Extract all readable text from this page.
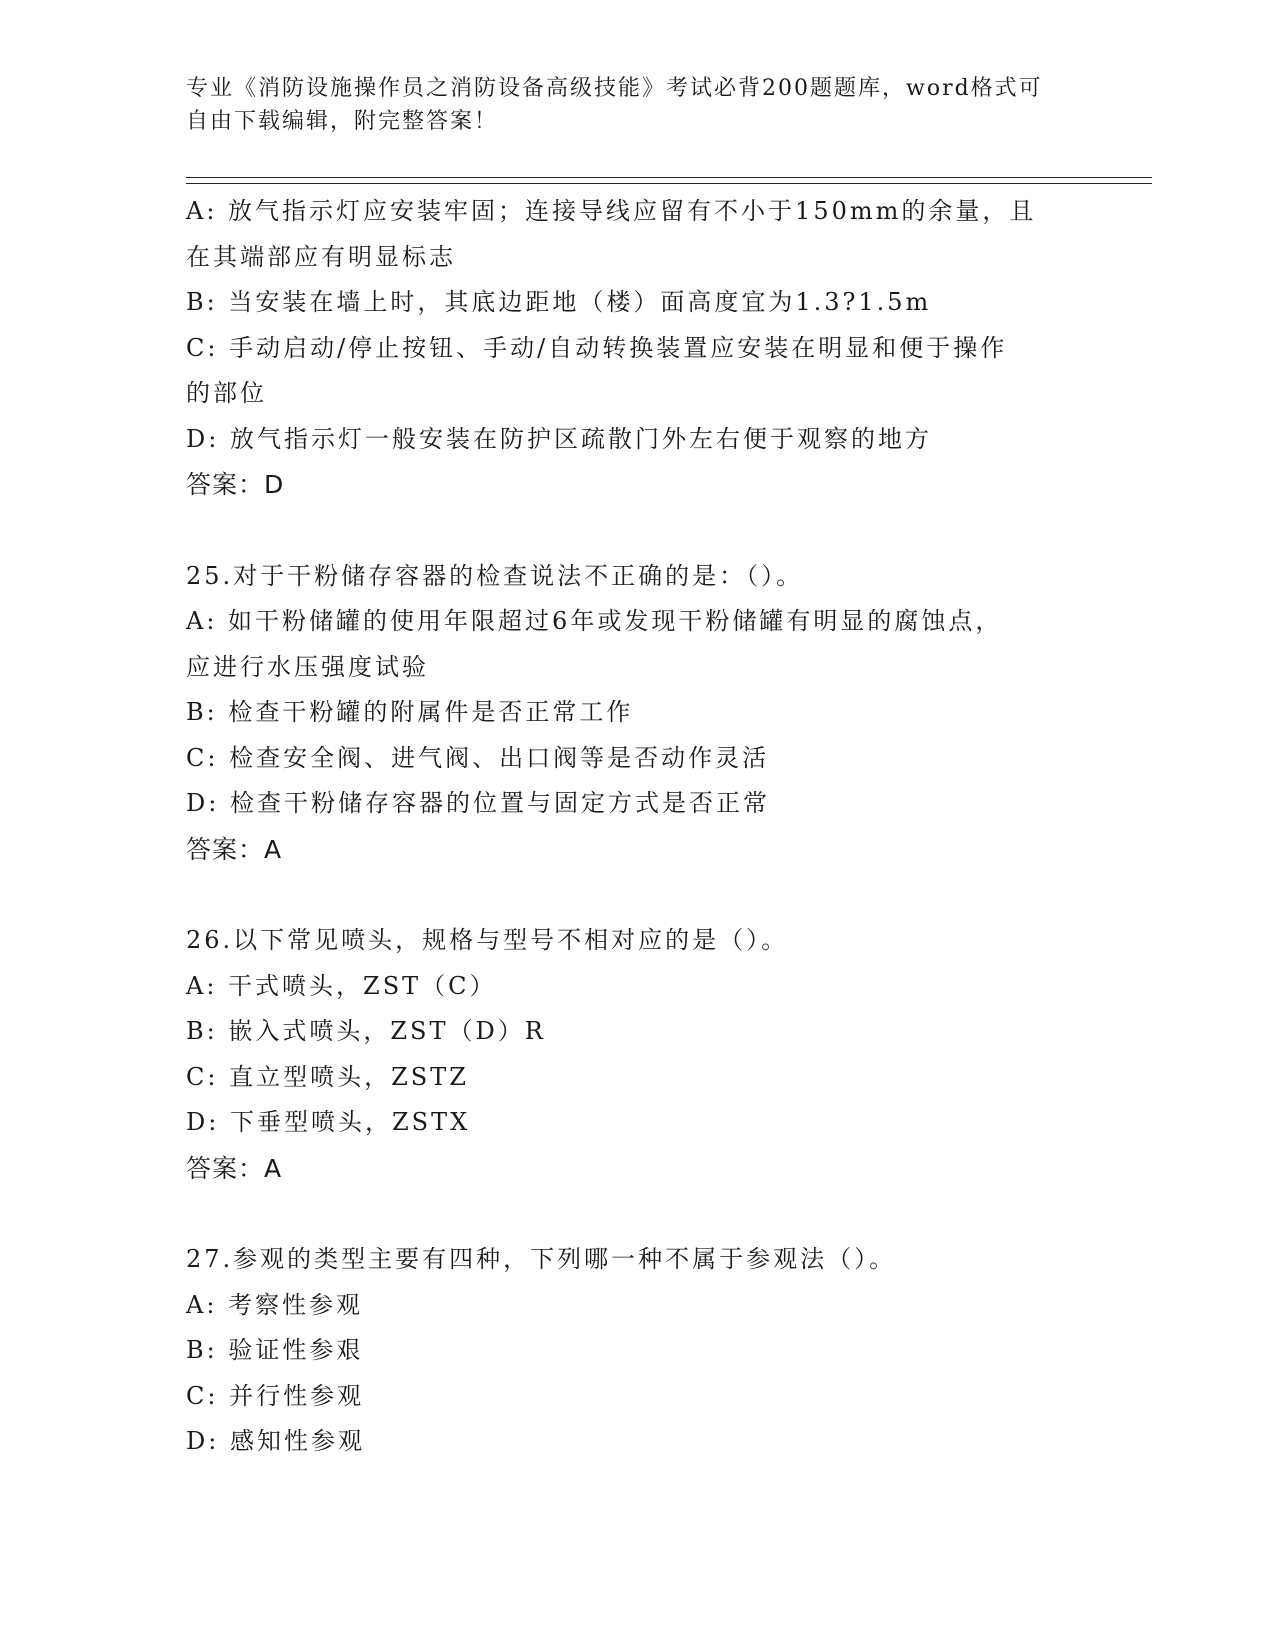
专业《消防设施操作员之消防设备高级技能》考试必背200题题库，word格式可
自由下载编辑，附完整答案！
A: 放气指示灯应安装牢固；连接导线应留有不小于150mm的余量，且
在其端部应有明显标志
B: 当安装在墙上时，其底边距地（楼）面高度宜为1.3?1.5m
C: 手动启动/停止按钮、手动/自动转换装置应安装在明显和便于操作
的部位
D: 放气指示灯一般安装在防护区疏散门外左右便于观察的地方
答案：D
25.对于干粉储存容器的检查说法不正确的是：（）。
A: 如干粉储罐的使用年限超过6年或发现干粉储罐有明显的腐蚀点，
应进行水压强度试验
B: 检查干粉罐的附属件是否正常工作
C: 检查安全阀、进气阀、出口阀等是否动作灵活
D: 检查干粉储存容器的位置与固定方式是否正常
答案：A
26.以下常见喷头，规格与型号不相对应的是（）。
A: 干式喷头，ZST（C）
B: 嵌入式喷头，ZST（D）R
C: 直立型喷头，ZSTZ
D: 下垂型喷头，ZSTX
答案：A
27.参观的类型主要有四种，下列哪一种不属于参观法（）。
A: 考察性参观
B: 验证性参艰
C: 并行性参观
D: 感知性参观
